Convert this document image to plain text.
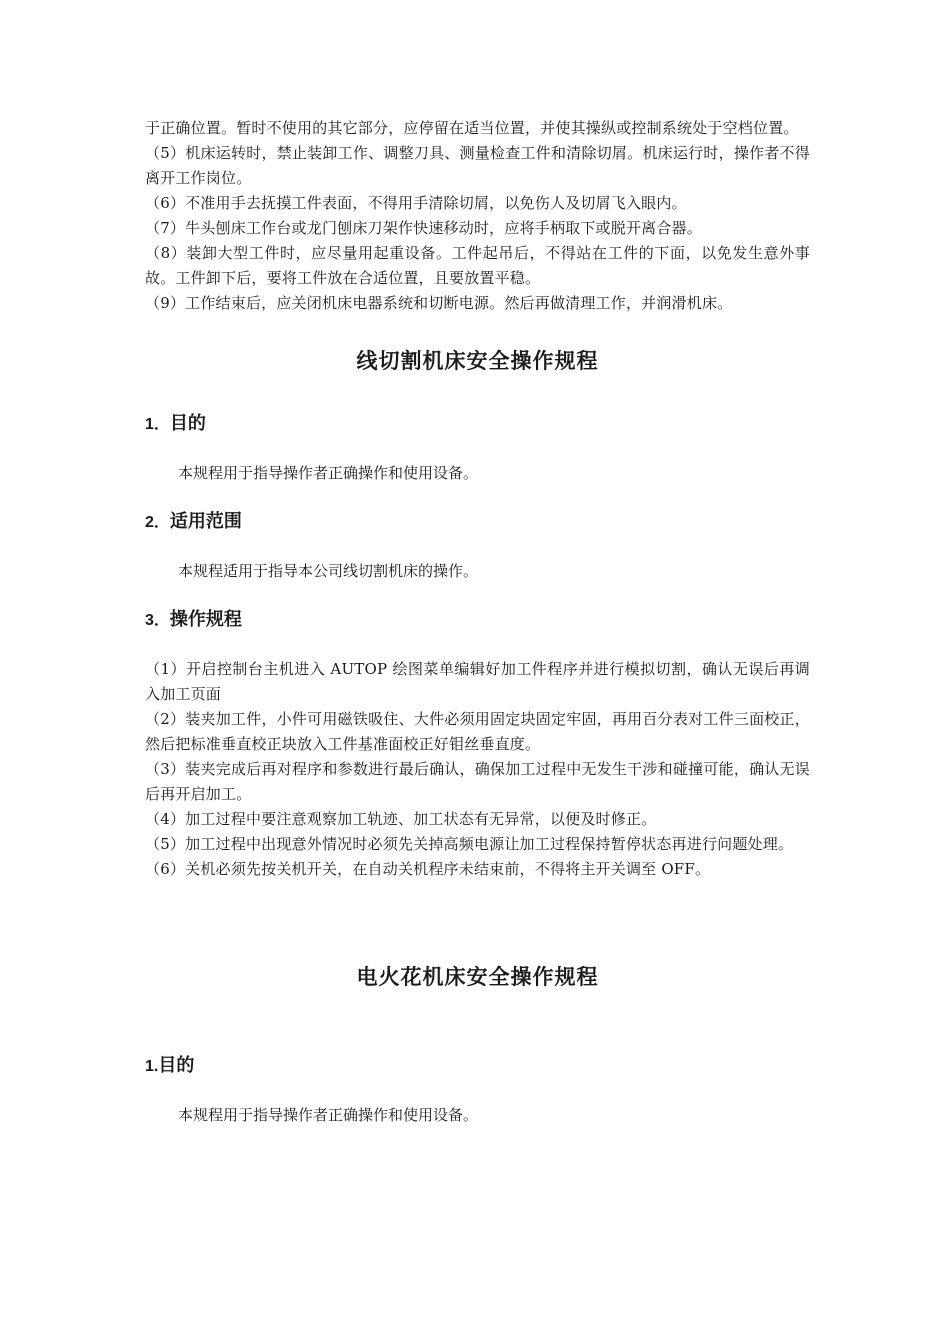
于正确位置。暂时不使用的其它部分，应停留在适当位置，并使其操纵或控制系统处于空档位置。

（5）机床运转时，禁止装卸工作、调整刀具、测量检查工件和清除切屑。机床运行时，操作者不得离开工作岗位。

（6）不准用手去抚摸工件表面，不得用手清除切屑，以免伤人及切屑飞入眼内。

（7）牛头刨床工作台或龙门刨床刀架作快速移动时，应将手柄取下或脱开离合器。

（8）装卸大型工件时，应尽量用起重设备。工件起吊后，不得站在工件的下面，以免发生意外事故。工件卸下后，要将工件放在合适位置，且要放置平稳。

（9）工作结束后，应关闭机床电器系统和切断电源。然后再做清理工作，并润滑机床。

线切割机床安全操作规程
1．目的

本规程用于指导操作者正确操作和使用设备。

2．适用范围

本规程适用于指导本公司线切割机床的操作。

3．操作规程

（1）开启控制台主机进入 AUTOP 绘图菜单编辑好加工件程序并进行模拟切割，确认无误后再调入加工页面

（2）装夹加工件，小件可用磁铁吸住、大件必须用固定块固定牢固，再用百分表对工件三面校正，然后把标准垂直校正块放入工件基准面校正好钼丝垂直度。

（3）装夹完成后再对程序和参数进行最后确认，确保加工过程中无发生干涉和碰撞可能，确认无误后再开启加工。

（4）加工过程中要注意观察加工轨迹、加工状态有无异常，以便及时修正。

（5）加工过程中出现意外情况时必须先关掉高频电源让加工过程保持暂停状态再进行问题处理。

（6）关机必须先按关机开关，在自动关机程序未结束前，不得将主开关调至 OFF。

电火花机床安全操作规程
1.目的

本规程用于指导操作者正确操作和使用设备。
